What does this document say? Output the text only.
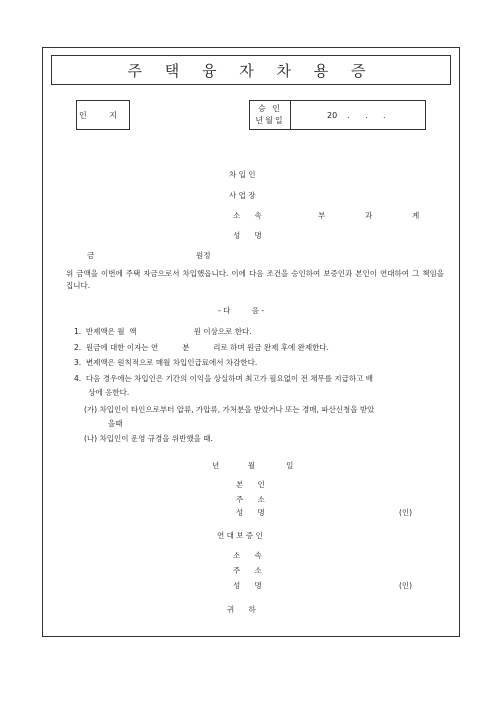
주 택 융 자 차 용 증
인 지
승 인
년월일
20    .      .      .
차 입 인
사 업 장
소      속	부	과	계
성      명
금	원정
위 금액을 이번에 주택 자금으로서 차입했읍니다. 이에 다음 조건을 승인하여 보증인과 본인이 연대하여 그 책임을 집니다.
- 다         음 -
1.  반제액은 월  액                        원 이상으로 한다.
2.  원금에 대한 이자는 연          분          리로 하며 원금 완제 후에 완제한다.
3.  변제액은 원칙적으로 매월 차입인급료에서 차감한다.
4.  다음 경우에는 차입인은 기간의 이익을 상실하며 최고가 필요없이 전 채무를 지급하고 배
상에 응한다.
(가) 차입인이 타인으로부터 압류, 가압류, 가처분을 받았거나 또는 경매, 파산신청을 받았
을때
(나) 차입인이 운영 규경을 위반했을 때.
년            월             일
본      인
주      소
성      명	(인)
연 대 보 증 인
소      속
주      소
성      명	(인)
귀      하
